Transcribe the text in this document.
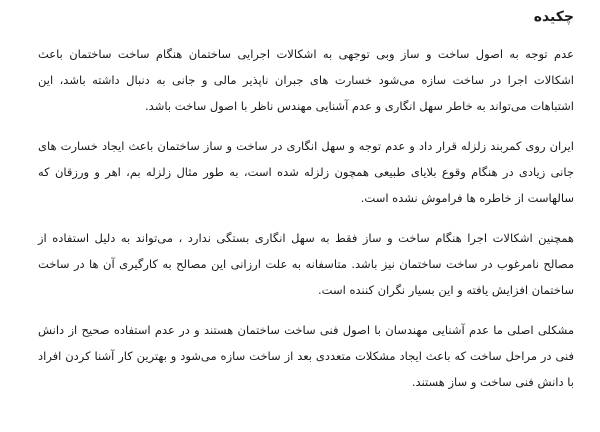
چکیده

عدم توجه به اصول ساخت و ساز وبی توجهی به اشکالات اجرایی ساختمان هنگام ساخت ساختمان باعث اشکالات اجرا در ساخت سازه می‌شود خسارت های جبران ناپذیر مالی و جانی به دنبال داشته باشد، این اشتباهات می‌تواند به خاطر سهل انگاری و عدم آشنایی مهندس ناظر با اصول ساخت باشد.

ایران روی کمربند زلزله قرار داد و عدم توجه و سهل انگاری در ساخت و ساز ساختمان باعث ایجاد خسارت های جانی زیادی در هنگام وقوع بلایای طبیعی همچون زلزله شده است، به طور مثال زلزله بم، اهر و ورزقان که سالهاست از خاطره ها فراموش نشده است.

همچنین اشکالات اجرا هنگام ساخت و ساز فقط به سهل انگاری بستگی ندارد ، می‌تواند به دلیل استفاده از مصالح نامرغوب در ساخت ساختمان نیز باشد. متاسفانه به علت ارزانی این مصالح به کارگیری آن ها در ساخت ساختمان افزایش یافته و این بسیار نگران کننده است.

مشکلی اصلی ما عدم آشنایی مهندسان با اصول فنی ساخت ساختمان هستند و در عدم استفاده صحیح از دانش فنی در مراحل ساخت که باعث ایجاد مشکلات متعددی بعد از ساخت سازه می‌شود و بهترین کار آشنا کردن افراد با دانش فنی ساخت و ساز هستند.
